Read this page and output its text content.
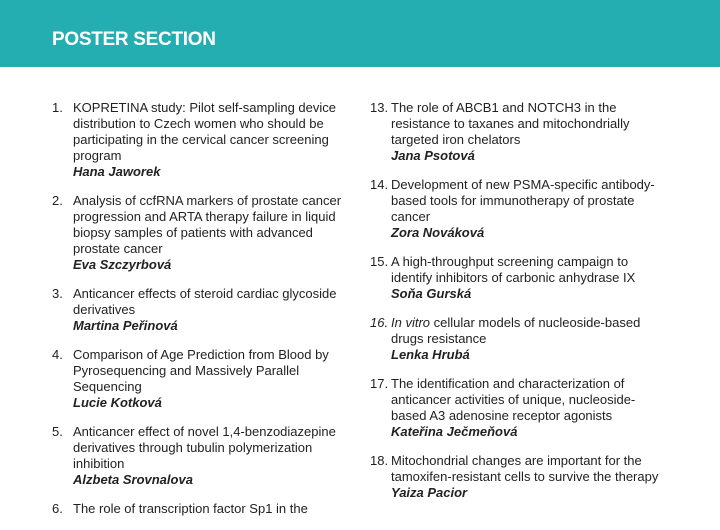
POSTER SECTION
1. KOPRETINA study: Pilot self-sampling device distribution to Czech women who should be participating in the cervical cancer screening program
Hana Jaworek
2. Analysis of ccfRNA markers of prostate cancer progression and ARTA therapy failure in liquid biopsy samples of patients with advanced prostate cancer
Eva Szczyrbová
3. Anticancer effects of steroid cardiac glycoside derivatives
Martina Peřinová
4. Comparison of Age Prediction from Blood by Pyrosequencing and Massively Parallel Sequencing
Lucie Kotková
5. Anticancer effect of novel 1,4-benzodiazepine derivatives through tubulin polymerization inhibition
Alzbeta Srovnalova
6. The role of transcription factor Sp1 in the
13. The role of ABCB1 and NOTCH3 in the resistance to taxanes and mitochondrially targeted iron chelators
Jana Psotová
14. Development of new PSMA-specific antibody-based tools for immunotherapy of prostate cancer
Zora Nováková
15. A high-throughput screening campaign to identify inhibitors of carbonic anhydrase IX
Soňa Gurská
16. In vitro cellular models of nucleoside-based drugs resistance
Lenka Hrubá
17. The identification and characterization of anticancer activities of unique, nucleoside-based A3 adenosine receptor agonists
Kateřina Ječmeňová
18. Mitochondrial changes are important for the tamoxifen-resistant cells to survive the therapy
Yaiza Pacior
